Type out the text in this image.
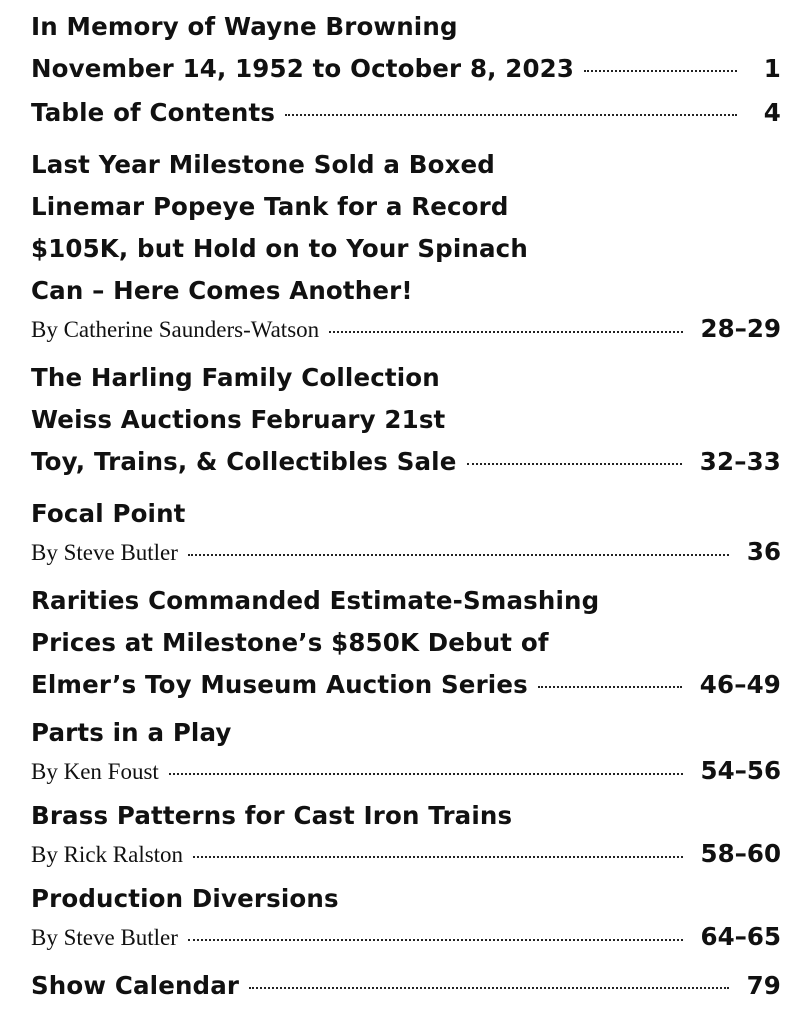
In Memory of Wayne Browning
November 14, 1952 to October 8, 2023	1
Table of Contents	4
Last Year Milestone Sold a Boxed
Linemar Popeye Tank for a Record
$105K, but Hold on to Your Spinach
Can – Here Comes Another!
By Catherine Saunders-Watson	28–29
The Harling Family Collection
Weiss Auctions February 21st
Toy, Trains, & Collectibles Sale	32–33
Focal Point
By Steve Butler	36
Rarities Commanded Estimate-Smashing
Prices at Milestone’s $850K Debut of
Elmer’s Toy Museum Auction Series	46–49
Parts in a Play
By Ken Foust	54–56
Brass Patterns for Cast Iron Trains
By Rick Ralston	58–60
Production Diversions
By Steve Butler	64–65
Show Calendar	79
